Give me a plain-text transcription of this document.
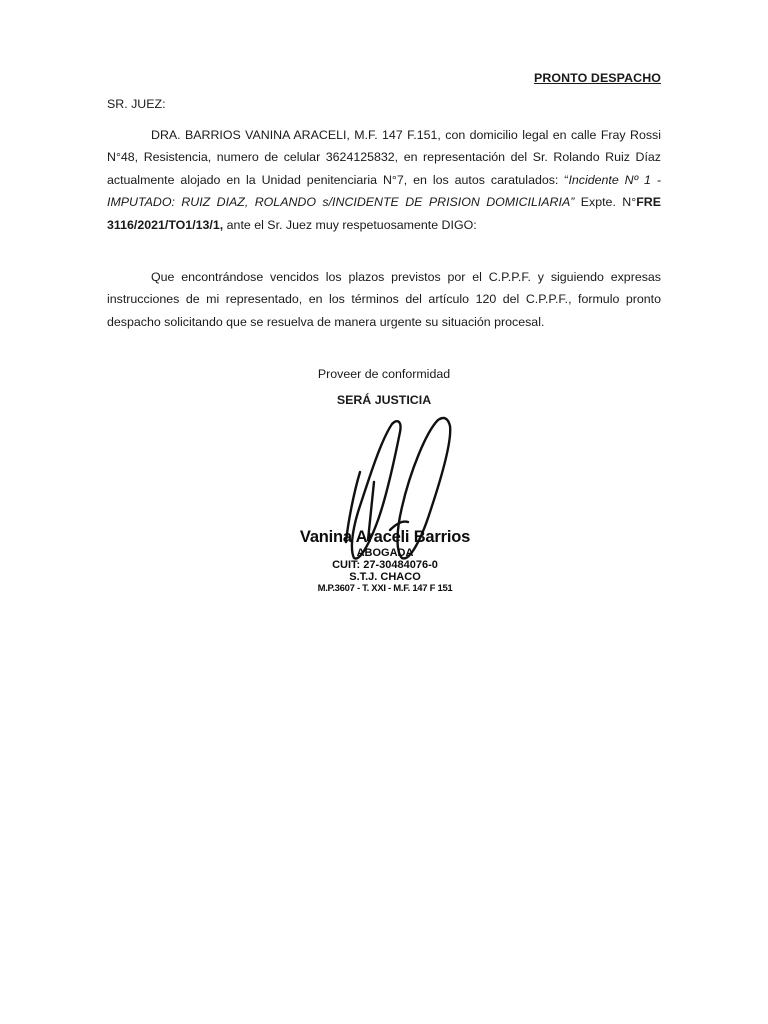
PRONTO DESPACHO
SR. JUEZ:
DRA. BARRIOS VANINA ARACELI, M.F. 147 F.151, con domicilio legal en calle Fray Rossi N°48, Resistencia, numero de celular 3624125832, en representación del Sr. Rolando Ruiz Díaz actualmente alojado en la Unidad penitenciaria N°7, en los autos caratulados: “Incidente Nº 1 - IMPUTADO: RUIZ DIAZ, ROLANDO s/INCIDENTE DE PRISION DOMICILIARIA” Expte. N°FRE 3116/2021/TO1/13/1, ante el Sr. Juez muy respetuosamente DIGO:
Que encontrándose vencidos los plazos previstos por el C.P.P.F. y siguiendo expresas instrucciones de mi representado, en los términos del artículo 120 del C.P.P.F., formulo pronto despacho solicitando que se resuelva de manera urgente su situación procesal.
Proveer de conformidad
SERÁ JUSTICIA
Vanina Araceli Barrios
ABOGADA
CUIT: 27-30484076-0
S.T.J. CHACO
M.P.3607 - T. XXI - M.F. 147 F 151
